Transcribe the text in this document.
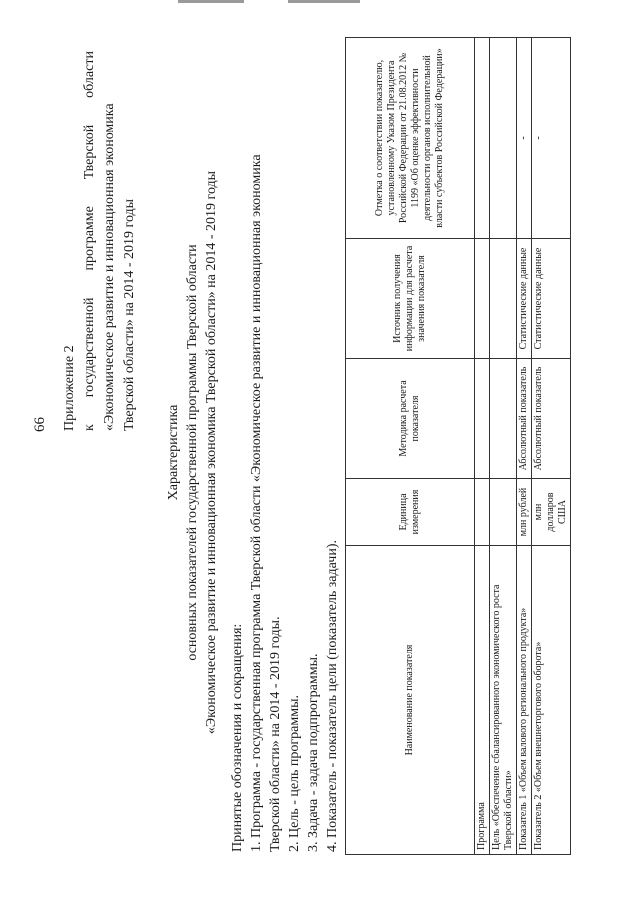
66 Приложение 2 к
государственной
программе
Тверской
области
«Экономическое развитие и инновационная экономика Тверской области» на 2014 - 2019 годы
Характеристика основных показателей государственной программы Тверской области «Экономическое развитие и инновационная экономика Тверской области» на 2014 - 2019 годы
Принятые обозначения и сокращения: 1. Программа - государственная программа Тверской области «Экономическое развитие и инновационная экономика Тверской области» на 2014 - 2019 годы. 2. Цель - цель программы. 3. Задача - задача подпрограммы. 4. Показатель - показатель цели (показатель задачи).	Наименование показателя	Единица измерения	Методика расчета показателя	Источник получения информации для расчета значения показателя	Отметка о соответствии показателю, установленному Указом Президента Российской Федерации от 21.08.2012 № 1199 «Об оценке эффективности деятельности органов исполнительной власти субъектов Российской Федерации»
Программа				
Цель «Обеспечение сбалансированного экономического роста Тверской области»				
Показатель 1 «Объем валового регионального продукта»	млн рублей	Абсолютный показатель	Статистические данные	-
Показатель 2 «Объем внешнеторгового оборота»	млн долларов США	Абсолютный показатель	Статистические данные	-
